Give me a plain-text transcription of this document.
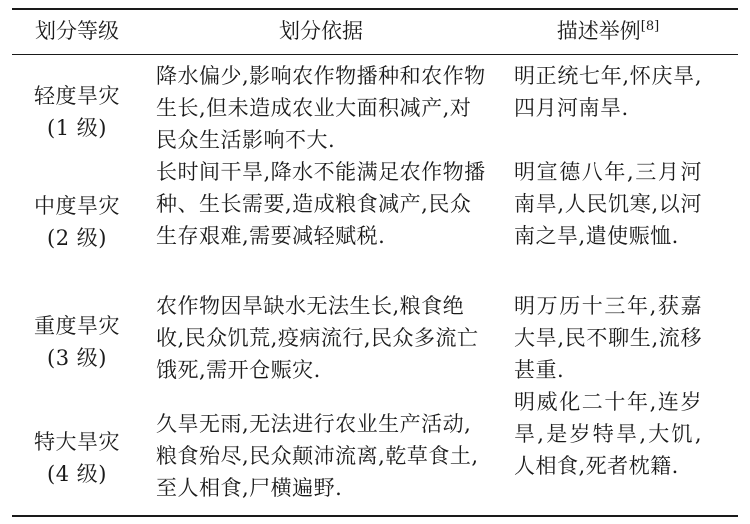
划分等级	划分依据	描述举例[8]
轻度旱灾
(1 级)
降水偏少,影响农作物播种和农作物生长,但未造成农业大面积减产,对民众生活影响不大.
明正统七年,怀庆旱,四月河南旱.
中度旱灾
(2 级)
长时间干旱,降水不能满足农作物播种、生长需要,造成粮食减产,民众生存艰难,需要减轻赋税.
明宣德八年,三月河南旱,人民饥寒,以河南之旱,遣使赈恤.
重度旱灾
(3 级)
农作物因旱缺水无法生长,粮食绝收,民众饥荒,疫病流行,民众多流亡饿死,需开仓赈灾.
明万历十三年,获嘉大旱,民不聊生,流移甚重.
特大旱灾
(4 级)
久旱无雨,无法进行农业生产活动,粮食殆尽,民众颠沛流离,乾草食土,至人相食,尸横遍野.
明威化二十年,连岁旱,是岁特旱,大饥,人相食,死者枕籍.
